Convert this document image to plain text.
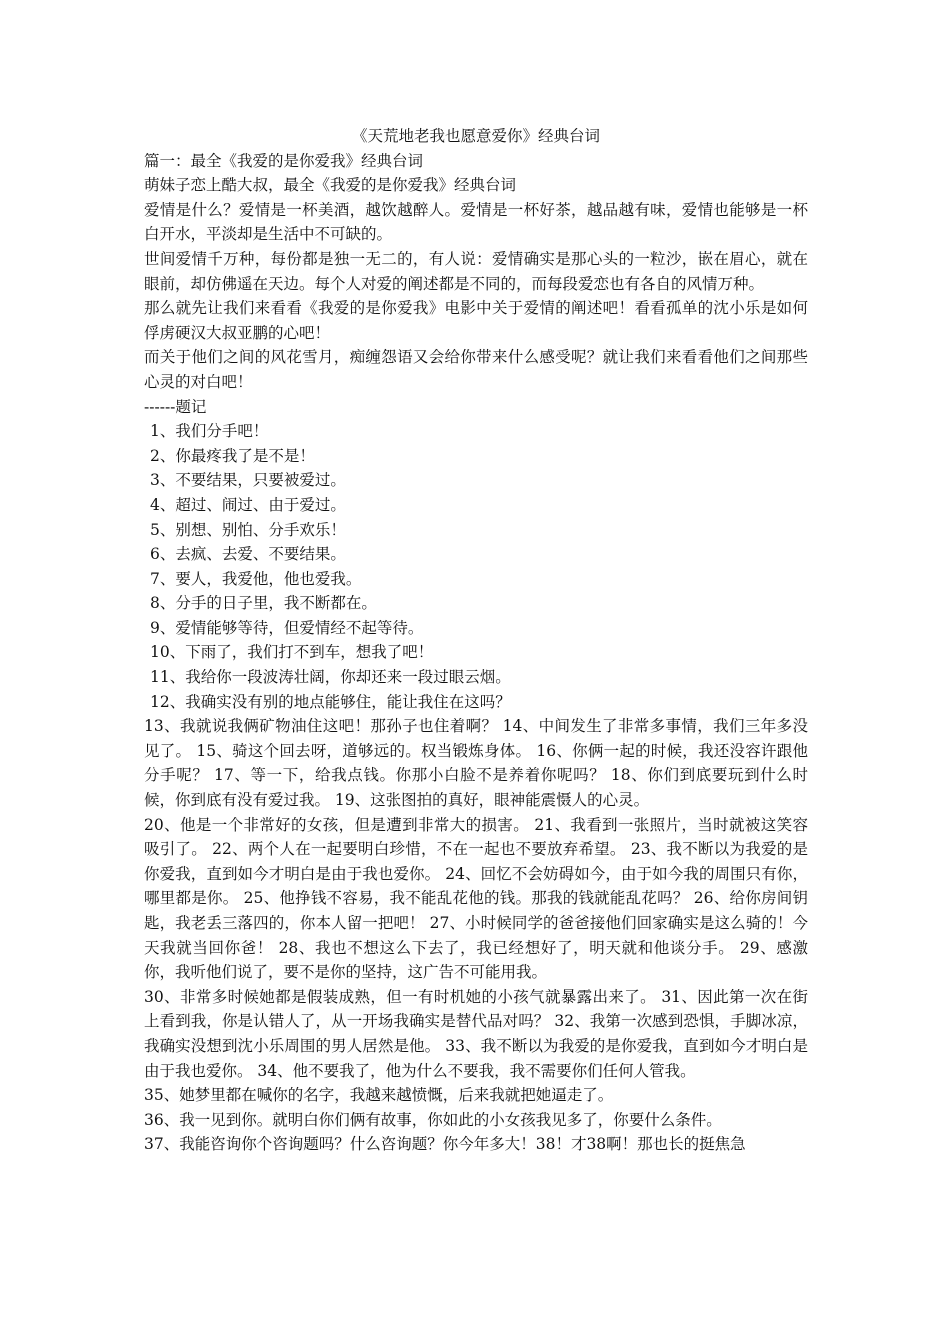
《天荒地老我也愿意爱你》经典台词

篇一：最全《我爱的是你爱我》经典台词

萌妹子恋上酷大叔，最全《我爱的是你爱我》经典台词

爱情是什么？爱情是一杯美酒，越饮越醉人。爱情是一杯好茶，越品越有味，爱情也能够是一杯白开水，平淡却是生活中不可缺的。

世间爱情千万种，每份都是独一无二的，有人说：爱情确实是那心头的一粒沙，嵌在眉心，就在眼前，却仿佛遥在天边。每个人对爱的阐述都是不同的，而每段爱恋也有各自的风情万种。

那么就先让我们来看看《我爱的是你爱我》电影中关于爱情的阐述吧！看看孤单的沈小乐是如何俘虏硬汉大叔亚鹏的心吧！

而关于他们之间的风花雪月，痴缠怨语又会给你带来什么感受呢？就让我们来看看他们之间那些心灵的对白吧！

------题记

1、我们分手吧！

2、你最疼我了是不是！

3、不要结果，只要被爱过。

4、超过、闹过、由于爱过。

5、别想、别怕、分手欢乐！

6、去疯、去爱、不要结果。

7、要人，我爱他，他也爱我。

8、分手的日子里，我不断都在。

9、爱情能够等待，但爱情经不起等待。

10、下雨了，我们打不到车，想我了吧！

11、我给你一段波涛壮阔，你却还来一段过眼云烟。

12、我确实没有别的地点能够住，能让我住在这吗？

13、我就说我俩矿物油住这吧！那孙子也住着啊？ 14、中间发生了非常多事情，我们三年多没见了。 15、骑这个回去呀，道够远的。权当锻炼身体。 16、你俩一起的时候，我还没容许跟他分手呢？ 17、等一下，给我点钱。你那小白脸不是养着你呢吗？ 18、你们到底要玩到什么时候，你到底有没有爱过我。 19、这张图拍的真好，眼神能震慑人的心灵。

20、他是一个非常好的女孩，但是遭到非常大的损害。 21、我看到一张照片，当时就被这笑容吸引了。 22、两个人在一起要明白珍惜，不在一起也不要放弃希望。 23、我不断以为我爱的是你爱我，直到如今才明白是由于我也爱你。 24、回忆不会妨碍如今，由于如今我的周围只有你，哪里都是你。 25、他挣钱不容易，我不能乱花他的钱。那我的钱就能乱花吗？ 26、给你房间钥匙，我老丢三落四的，你本人留一把吧！ 27、小时候同学的爸爸接他们回家确实是这么骑的！今天我就当回你爸！ 28、我也不想这么下去了，我已经想好了，明天就和他谈分手。 29、感激你，我听他们说了，要不是你的坚持，这广告不可能用我。

30、非常多时候她都是假装成熟，但一有时机她的小孩气就暴露出来了。 31、因此第一次在街上看到我，你是认错人了，从一开场我确实是替代品对吗？ 32、我第一次感到恐惧，手脚冰凉，我确实没想到沈小乐周围的男人居然是他。 33、我不断以为我爱的是你爱我，直到如今才明白是由于我也爱你。 34、他不要我了，他为什么不要我，我不需要你们任何人管我。

35、她梦里都在喊你的名字，我越来越愤慨，后来我就把她逼走了。

36、我一见到你。就明白你们俩有故事，你如此的小女孩我见多了，你要什么条件。

37、我能咨询你个咨询题吗？什么咨询题？你今年多大！38！才38啊！那也长的挺焦急
